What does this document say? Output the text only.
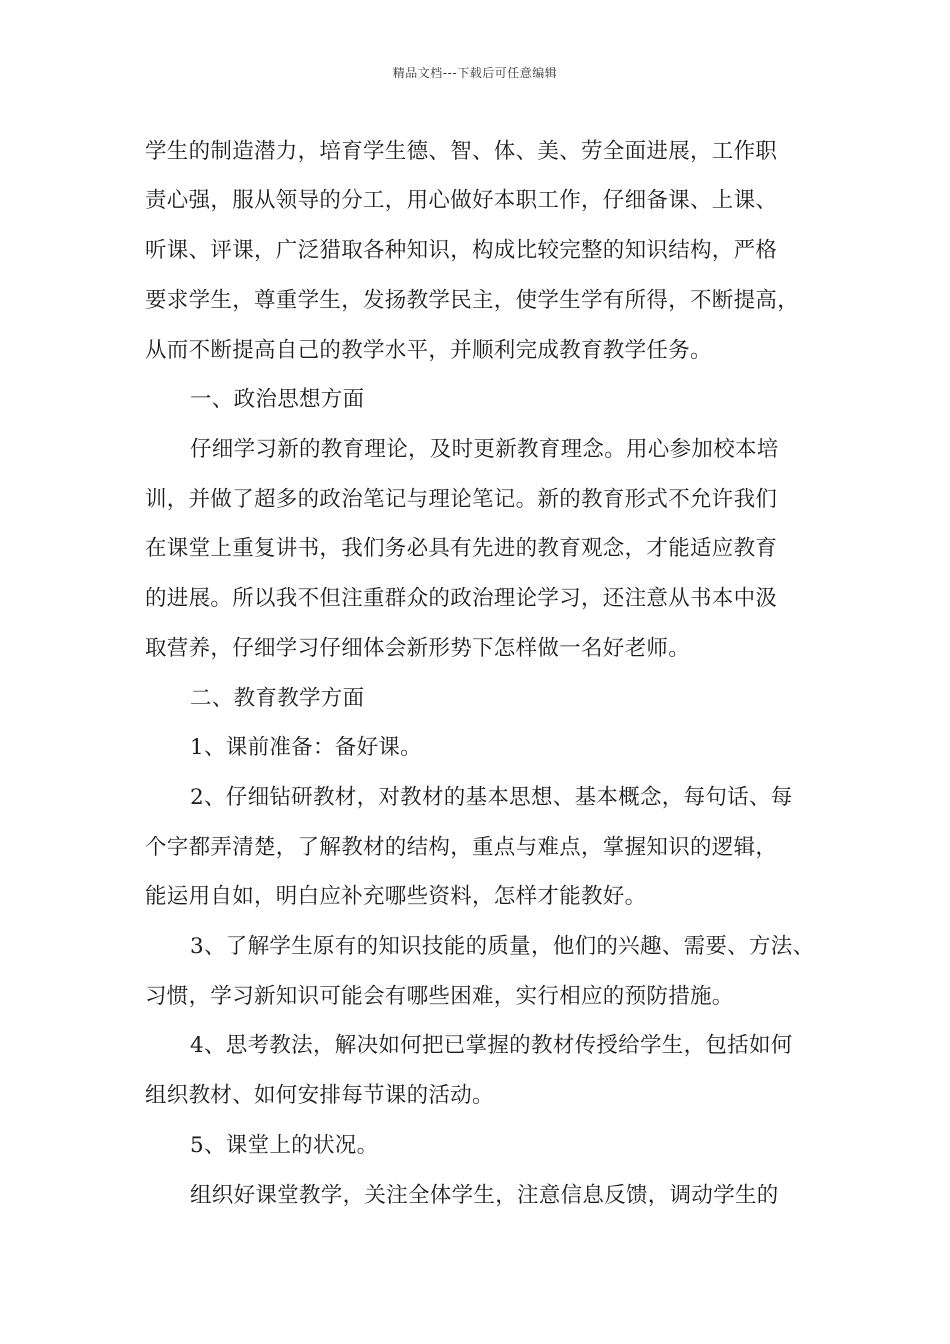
精品文档---下载后可任意编辑
学生的制造潜力，培育学生德、智、体、美、劳全面进展，工作职
责心强，服从领导的分工，用心做好本职工作，仔细备课、上课、
听课、评课，广泛猎取各种知识，构成比较完整的知识结构，严格
要求学生，尊重学生，发扬教学民主，使学生学有所得，不断提高，
从而不断提高自己的教学水平，并顺利完成教育教学任务。
一、政治思想方面
仔细学习新的教育理论，及时更新教育理念。用心参加校本培
训，并做了超多的政治笔记与理论笔记。新的教育形式不允许我们
在课堂上重复讲书，我们务必具有先进的教育观念，才能适应教育
的进展。所以我不但注重群众的政治理论学习，还注意从书本中汲
取营养，仔细学习仔细体会新形势下怎样做一名好老师。
二、教育教学方面
1、课前准备：备好课。
2、仔细钻研教材，对教材的基本思想、基本概念，每句话、每
个字都弄清楚，了解教材的结构，重点与难点，掌握知识的逻辑，
能运用自如，明白应补充哪些资料，怎样才能教好。
3、了解学生原有的知识技能的质量，他们的兴趣、需要、方法、
习惯，学习新知识可能会有哪些困难，实行相应的预防措施。
4、思考教法，解决如何把已掌握的教材传授给学生，包括如何
组织教材、如何安排每节课的活动。
5、课堂上的状况。
组织好课堂教学，关注全体学生，注意信息反馈，调动学生的
